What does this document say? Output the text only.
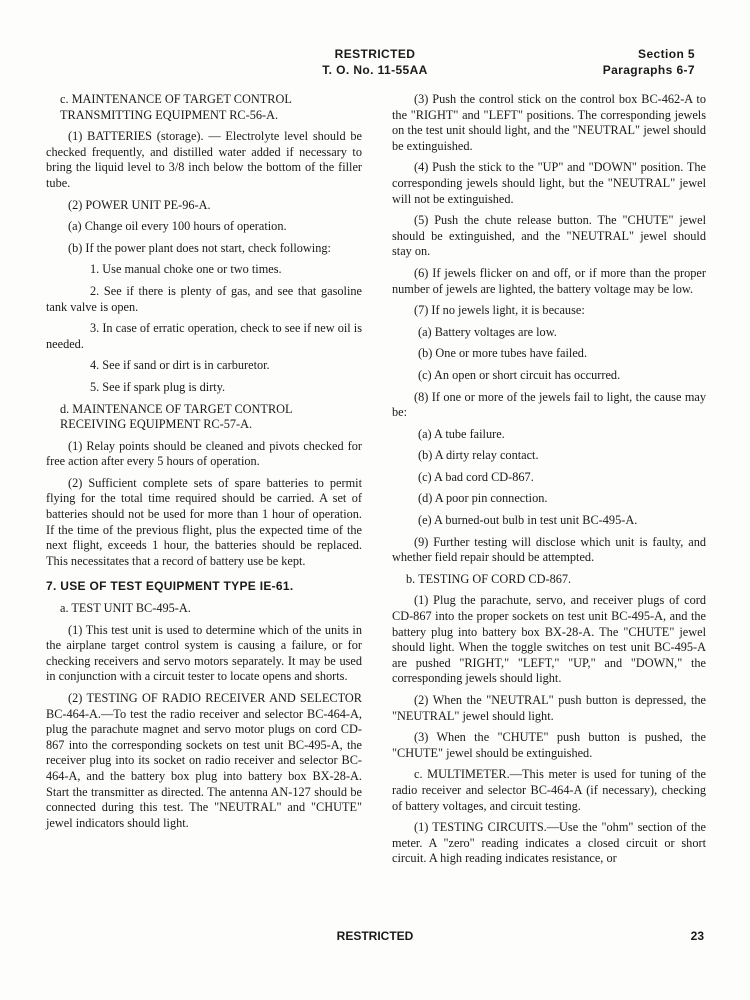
RESTRICTED
T. O. No. 11-55AA
Section 5
Paragraphs 6-7

c. MAINTENANCE OF TARGET CONTROL

TRANSMITTING EQUIPMENT RC-56-A.

(1) BATTERIES (storage). — Electrolyte level should be checked frequently, and distilled water added if necessary to bring the liquid level to 3/8 inch below the bottom of the filler tube.

(2) POWER UNIT PE-96-A.

(a) Change oil every 100 hours of operation.

(b) If the power plant does not start, check following:

1. Use manual choke one or two times.

2. See if there is plenty of gas, and see that gasoline tank valve is open.

3. In case of erratic operation, check to see if new oil is needed.

4. See if sand or dirt is in carburetor.

5. See if spark plug is dirty.

d. MAINTENANCE OF TARGET CONTROL

RECEIVING EQUIPMENT RC-57-A.

(1) Relay points should be cleaned and pivots checked for free action after every 5 hours of operation.

(2) Sufficient complete sets of spare batteries to permit flying for the total time required should be carried. A set of batteries should not be used for more than 1 hour of operation. If the time of the previous flight, plus the expected time of the next flight, exceeds 1 hour, the batteries should be replaced. This necessitates that a record of battery use be kept.

7. USE OF TEST EQUIPMENT TYPE IE-61.

a. TEST UNIT BC-495-A.

(1) This test unit is used to determine which of the units in the airplane target control system is causing a failure, or for checking receivers and servo motors separately. It may be used in conjunction with a circuit tester to locate opens and shorts.

(2) TESTING OF RADIO RECEIVER AND SELECTOR BC-464-A.—To test the radio receiver and selector BC-464-A, plug the parachute magnet and servo motor plugs on cord CD-867 into the corresponding sockets on test unit BC-495-A, the receiver plug into its socket on radio receiver and selector BC-464-A, and the battery box plug into battery box BX-28-A. Start the transmitter as directed. The antenna AN-127 should be connected during this test. The "NEUTRAL" and "CHUTE" jewel indicators should light.

(3) Push the control stick on the control box BC-462-A to the "RIGHT" and "LEFT" positions. The corresponding jewels on the test unit should light, and the "NEUTRAL" jewel should be extinguished.

(4) Push the stick to the "UP" and "DOWN" position. The corresponding jewels should light, but the "NEUTRAL" jewel will not be extinguished.

(5) Push the chute release button. The "CHUTE" jewel should be extinguished, and the "NEUTRAL" jewel should stay on.

(6) If jewels flicker on and off, or if more than the proper number of jewels are lighted, the battery voltage may be low.

(7) If no jewels light, it is because:

(a) Battery voltages are low.

(b) One or more tubes have failed.

(c) An open or short circuit has occurred.

(8) If one or more of the jewels fail to light, the cause may be:

(a) A tube failure.

(b) A dirty relay contact.

(c) A bad cord CD-867.

(d) A poor pin connection.

(e) A burned-out bulb in test unit BC-495-A.

(9) Further testing will disclose which unit is faulty, and whether field repair should be attempted.

b. TESTING OF CORD CD-867.

(1) Plug the parachute, servo, and receiver plugs of cord CD-867 into the proper sockets on test unit BC-495-A, and the battery plug into battery box BX-28-A. The "CHUTE" jewel should light. When the toggle switches on test unit BC-495-A are pushed "RIGHT," "LEFT," "UP," and "DOWN," the corresponding jewels should light.

(2) When the "NEUTRAL" push button is depressed, the "NEUTRAL" jewel should light.

(3) When the "CHUTE" push button is pushed, the "CHUTE" jewel should be extinguished.

c. MULTIMETER.—This meter is used for tuning of the radio receiver and selector BC-464-A (if necessary), checking of battery voltages, and circuit testing.

(1) TESTING CIRCUITS.—Use the "ohm" section of the meter. A "zero" reading indicates a closed circuit or short circuit. A high reading indicates resistance, or

RESTRICTED	23
